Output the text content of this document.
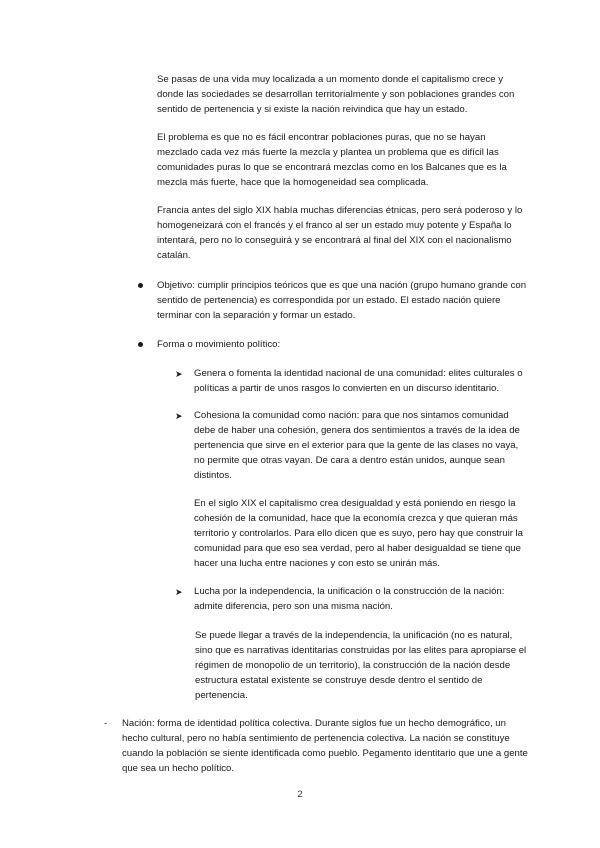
Se pasas de una vida muy localizada a un momento donde el capitalismo crece y donde las sociedades se desarrollan territorialmente y son poblaciones grandes con sentido de pertenencia y si existe la nación reivindica que hay un estado.

El problema es que no es fácil encontrar poblaciones puras, que no se hayan mezclado cada vez más fuerte la mezcla y plantea un problema que es difícil las comunidades puras lo que se encontrará mezclas como en los Balcanes que es la mezcla más fuerte, hace que la homogeneidad sea complicada.

Francia antes del siglo XIX había muchas diferencias étnicas, pero será poderoso y lo homogeneizará con el francés y el franco al ser un estado muy potente y España lo intentará, pero no lo conseguirá y se encontrará al final del XIX con el nacionalismo catalán.

Objetivo: cumplir principios teóricos que es que una nación (grupo humano grande con sentido de pertenencia) es correspondida por un estado. El estado nación quiere terminar con la separación y formar un estado.
Forma o movimiento político:
➤ Genera o fomenta la identidad nacional de una comunidad: elites culturales o políticas a partir de unos rasgos lo convierten en un discurso identitario.
➤ Cohesiona la comunidad como nación: para que nos sintamos comunidad debe de haber una cohesión, genera dos sentimientos a través de la idea de pertenencia que sirve en el exterior para que la gente de las clases no vaya, no permite que otras vayan. De cara a dentro están unidos, aunque sean distintos.

En el siglo XIX el capitalismo crea desigualdad y está poniendo en riesgo la cohesión de la comunidad, hace que la economía crezca y que quieran más territorio y controlarlos. Para ello dicen que es suyo, pero hay que construir la comunidad para que eso sea verdad, pero al haber desigualdad se tiene que hacer una lucha entre naciones y con esto se unirán más.

➤ Lucha por la independencia, la unificación o la construcción de la nación: admite diferencia, pero son una misma nación.

Se puede llegar a través de la independencia, la unificación (no es natural, sino que es narrativas identitarias construidas por las elites para apropiarse el régimen de monopolio de un territorio), la construcción de la nación desde estructura estatal existente se construye desde dentro el sentido de pertenencia.

- Nación: forma de identidad política colectiva. Durante siglos fue un hecho demográfico, un hecho cultural, pero no había sentimiento de pertenencia colectiva. La nación se constituye cuando la población se siente identificada como pueblo. Pegamento identitario que une a gente que sea un hecho político.
2
